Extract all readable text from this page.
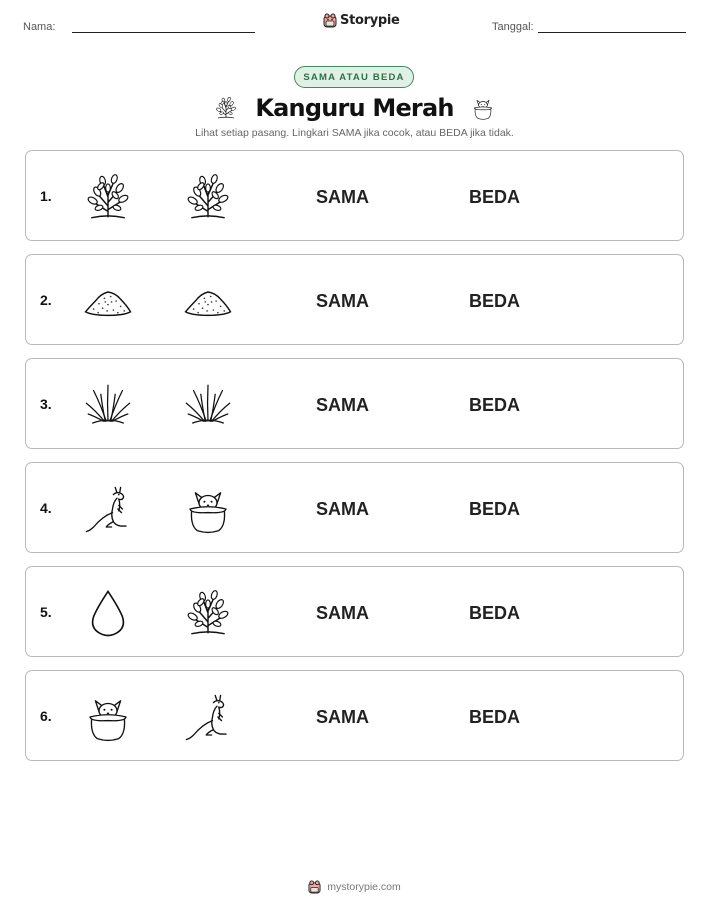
Nama:	Storypie	Tanggal:
SAMA ATAU BEDA
Kanguru Merah
Lihat setiap pasang. Lingkari SAMA jika cocok, atau BEDA jika tidak.
1.	SAMA	BEDA
2.	SAMA	BEDA
3.	SAMA	BEDA
4.	SAMA	BEDA
5.	SAMA	BEDA
6.	SAMA	BEDA
mystorypie.com
